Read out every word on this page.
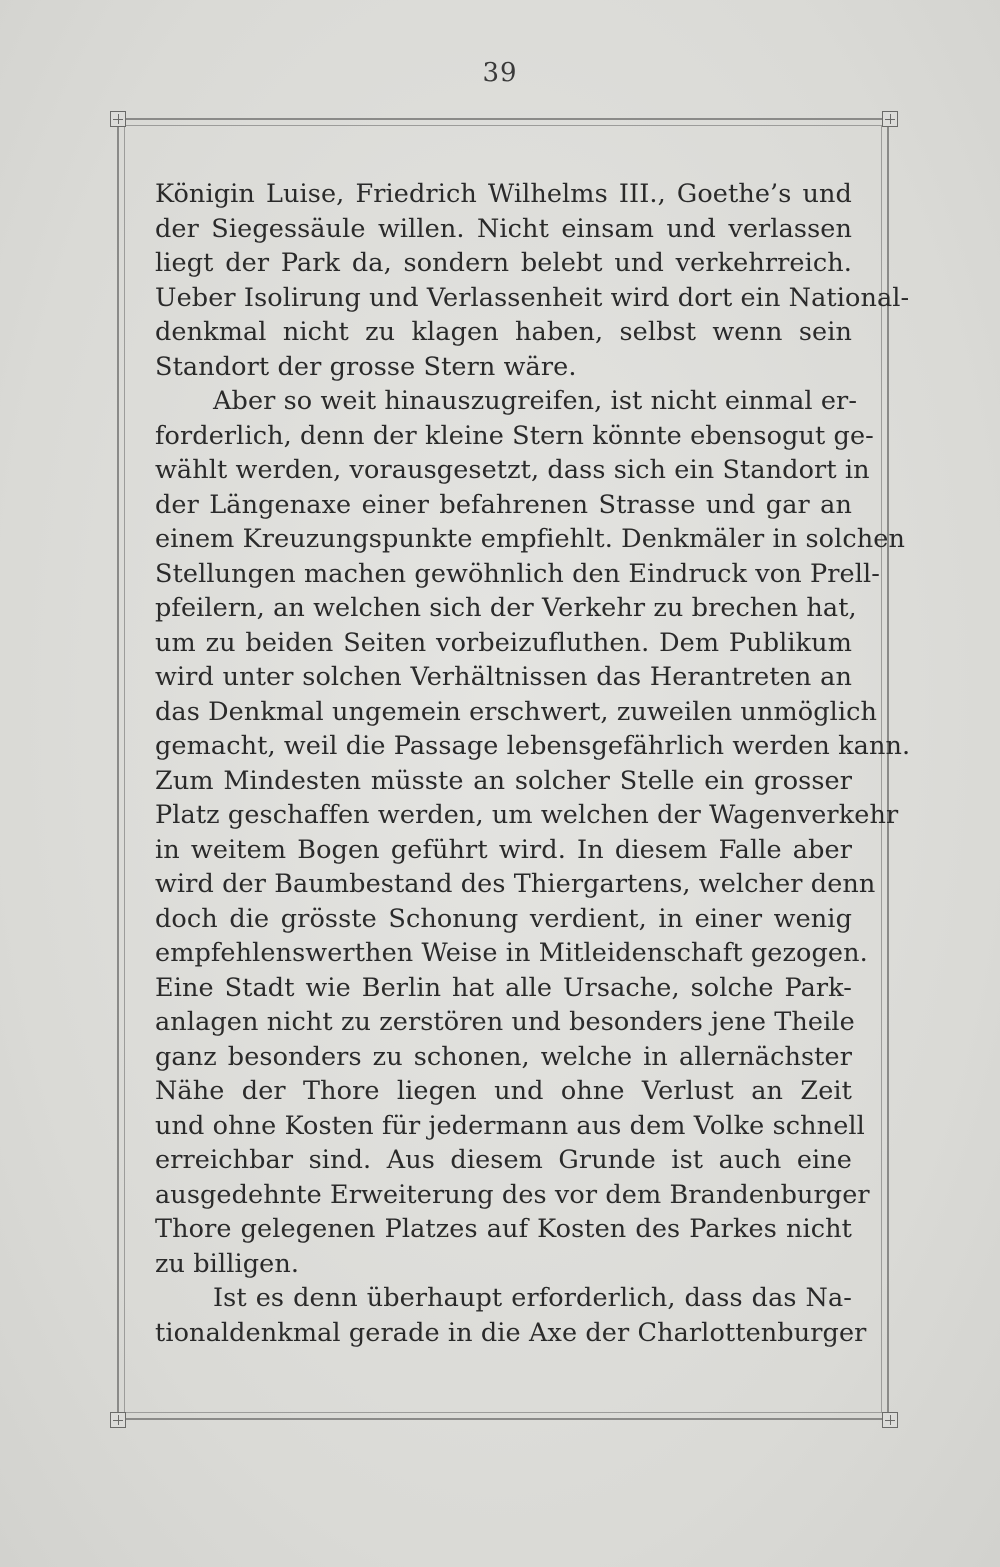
39
Königin Luise, Friedrich Wilhelms III., Goethe’s und
der Siegessäule willen. Nicht einsam und verlassen
liegt der Park da, sondern belebt und verkehrreich.
Ueber Isolirung und Verlassenheit wird dort ein National-
denkmal nicht zu klagen haben, selbst wenn sein
Standort der grosse Stern wäre.
Aber so weit hinauszugreifen, ist nicht einmal er-
forderlich, denn der kleine Stern könnte ebensogut ge-
wählt werden, vorausgesetzt, dass sich ein Standort in
der Längenaxe einer befahrenen Strasse und gar an
einem Kreuzungspunkte empfiehlt. Denkmäler in solchen
Stellungen machen gewöhnlich den Eindruck von Prell-
pfeilern, an welchen sich der Verkehr zu brechen hat,
um zu beiden Seiten vorbeizufluthen. Dem Publikum
wird unter solchen Verhältnissen das Herantreten an
das Denkmal ungemein erschwert, zuweilen unmöglich
gemacht, weil die Passage lebensgefährlich werden kann.
Zum Mindesten müsste an solcher Stelle ein grosser
Platz geschaffen werden, um welchen der Wagenverkehr
in weitem Bogen geführt wird. In diesem Falle aber
wird der Baumbestand des Thiergartens, welcher denn
doch die grösste Schonung verdient, in einer wenig
empfehlenswerthen Weise in Mitleidenschaft gezogen.
Eine Stadt wie Berlin hat alle Ursache, solche Park-
anlagen nicht zu zerstören und besonders jene Theile
ganz besonders zu schonen, welche in allernächster
Nähe der Thore liegen und ohne Verlust an Zeit
und ohne Kosten für jedermann aus dem Volke schnell
erreichbar sind. Aus diesem Grunde ist auch eine
ausgedehnte Erweiterung des vor dem Brandenburger
Thore gelegenen Platzes auf Kosten des Parkes nicht
zu billigen.
Ist es denn überhaupt erforderlich, dass das Na-
tionaldenkmal gerade in die Axe der Charlottenburger
